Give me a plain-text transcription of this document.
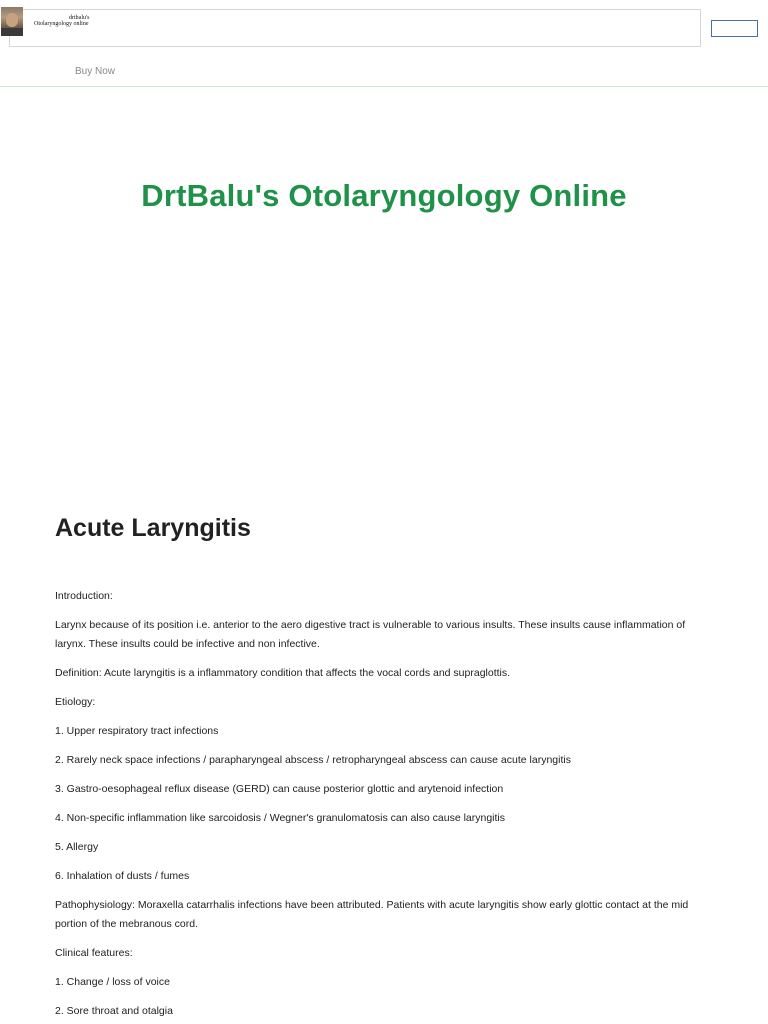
drtbalu's
Otolaryngology online
Buy Now
DrtBalu's Otolaryngology Online
Acute Laryngitis

Introduction:

Larynx because of its position i.e. anterior to the aero digestive tract is vulnerable to various insults. These insults cause inflammation of larynx. These insults could be infective and non infective.

Definition: Acute laryngitis is a inflammatory condition that affects the vocal cords and supraglottis.

Etiology:

1. Upper respiratory tract infections

2. Rarely neck space infections / parapharyngeal abscess / retropharyngeal abscess can cause acute laryngitis

3. Gastro-oesophageal reflux disease (GERD) can cause posterior glottic and arytenoid infection

4. Non-specific inflammation like sarcoidosis / Wegner's granulomatosis can also cause laryngitis

5. Allergy

6. Inhalation of dusts / fumes

Pathophysiology: Moraxella catarrhalis infections have been attributed. Patients with acute laryngitis show early glottic contact at the mid portion of the mebranous cord.

Clinical features:

1. Change / loss of voice

2. Sore throat and otalgia
